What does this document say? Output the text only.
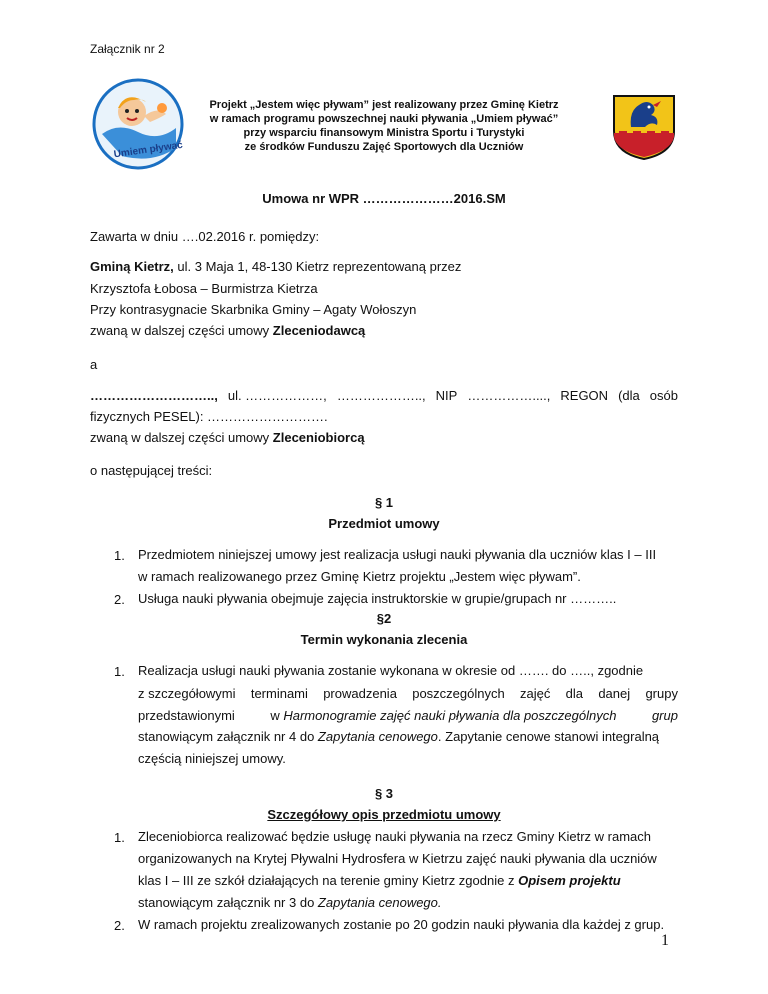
Załącznik nr 2
Umiem pływać
Projekt „Jestem więc pływam” jest realizowany przez Gminę Kietrz
w ramach programu powszechnej nauki pływania „Umiem pływać”
przy wsparciu finansowym Ministra Sportu i Turystyki
ze środków Funduszu Zajęć Sportowych dla Uczniów
Umowa nr WPR …………………2016.SM
Zawarta w dniu ….02.2016 r. pomiędzy:
Gminą Kietrz, ul. 3 Maja 1, 48-130 Kietrz reprezentowaną przez
Krzysztofa Łobosa – Burmistrza Kietrza
Przy kontrasygnacie Skarbnika Gminy – Agaty Wołoszyn
zwaną w dalszej części umowy Zleceniodawcą
a
……………………….., ul. ………………, ……………….., NIP ……………...., REGON (dla osób
fizycznych PESEL): ……………………….
zwaną w dalszej części umowy Zleceniobiorcą
o następującej treści:
§ 1
Przedmiot umowy
1. Przedmiotem niniejszej umowy jest realizacja usługi nauki pływania dla uczniów klas I – III
w ramach realizowanego przez Gminę Kietrz projektu „Jestem więc pływam”.
2. Usługa nauki pływania obejmuje zajęcia instruktorskie w grupie/grupach nr ………..
§2
Termin wykonania zlecenia
1. Realizacja usługi nauki pływania zostanie wykonana w okresie od ……. do ….., zgodnie
z szczegółowymi terminami prowadzenia poszczególnych zajęć dla danej grupy
przedstawionymi	w Harmonogramie zajęć nauki pływania dla poszczególnych	grup
stanowiącym załącznik nr 4 do Zapytania cenowego. Zapytanie cenowe stanowi integralną
częścią niniejszej umowy.
§ 3
Szczegółowy opis przedmiotu umowy
1. Zleceniobiorca realizować będzie usługę nauki pływania na rzecz Gminy Kietrz w ramach
organizowanych na Krytej Pływalni Hydrosfera w Kietrzu zajęć nauki pływania dla uczniów
klas I – III ze szkół działających na terenie gminy Kietrz zgodnie z Opisem projektu
stanowiącym załącznik nr 3 do Zapytania cenowego.
2. W ramach projektu zrealizowanych zostanie po 20 godzin nauki pływania dla każdej z grup.
1
